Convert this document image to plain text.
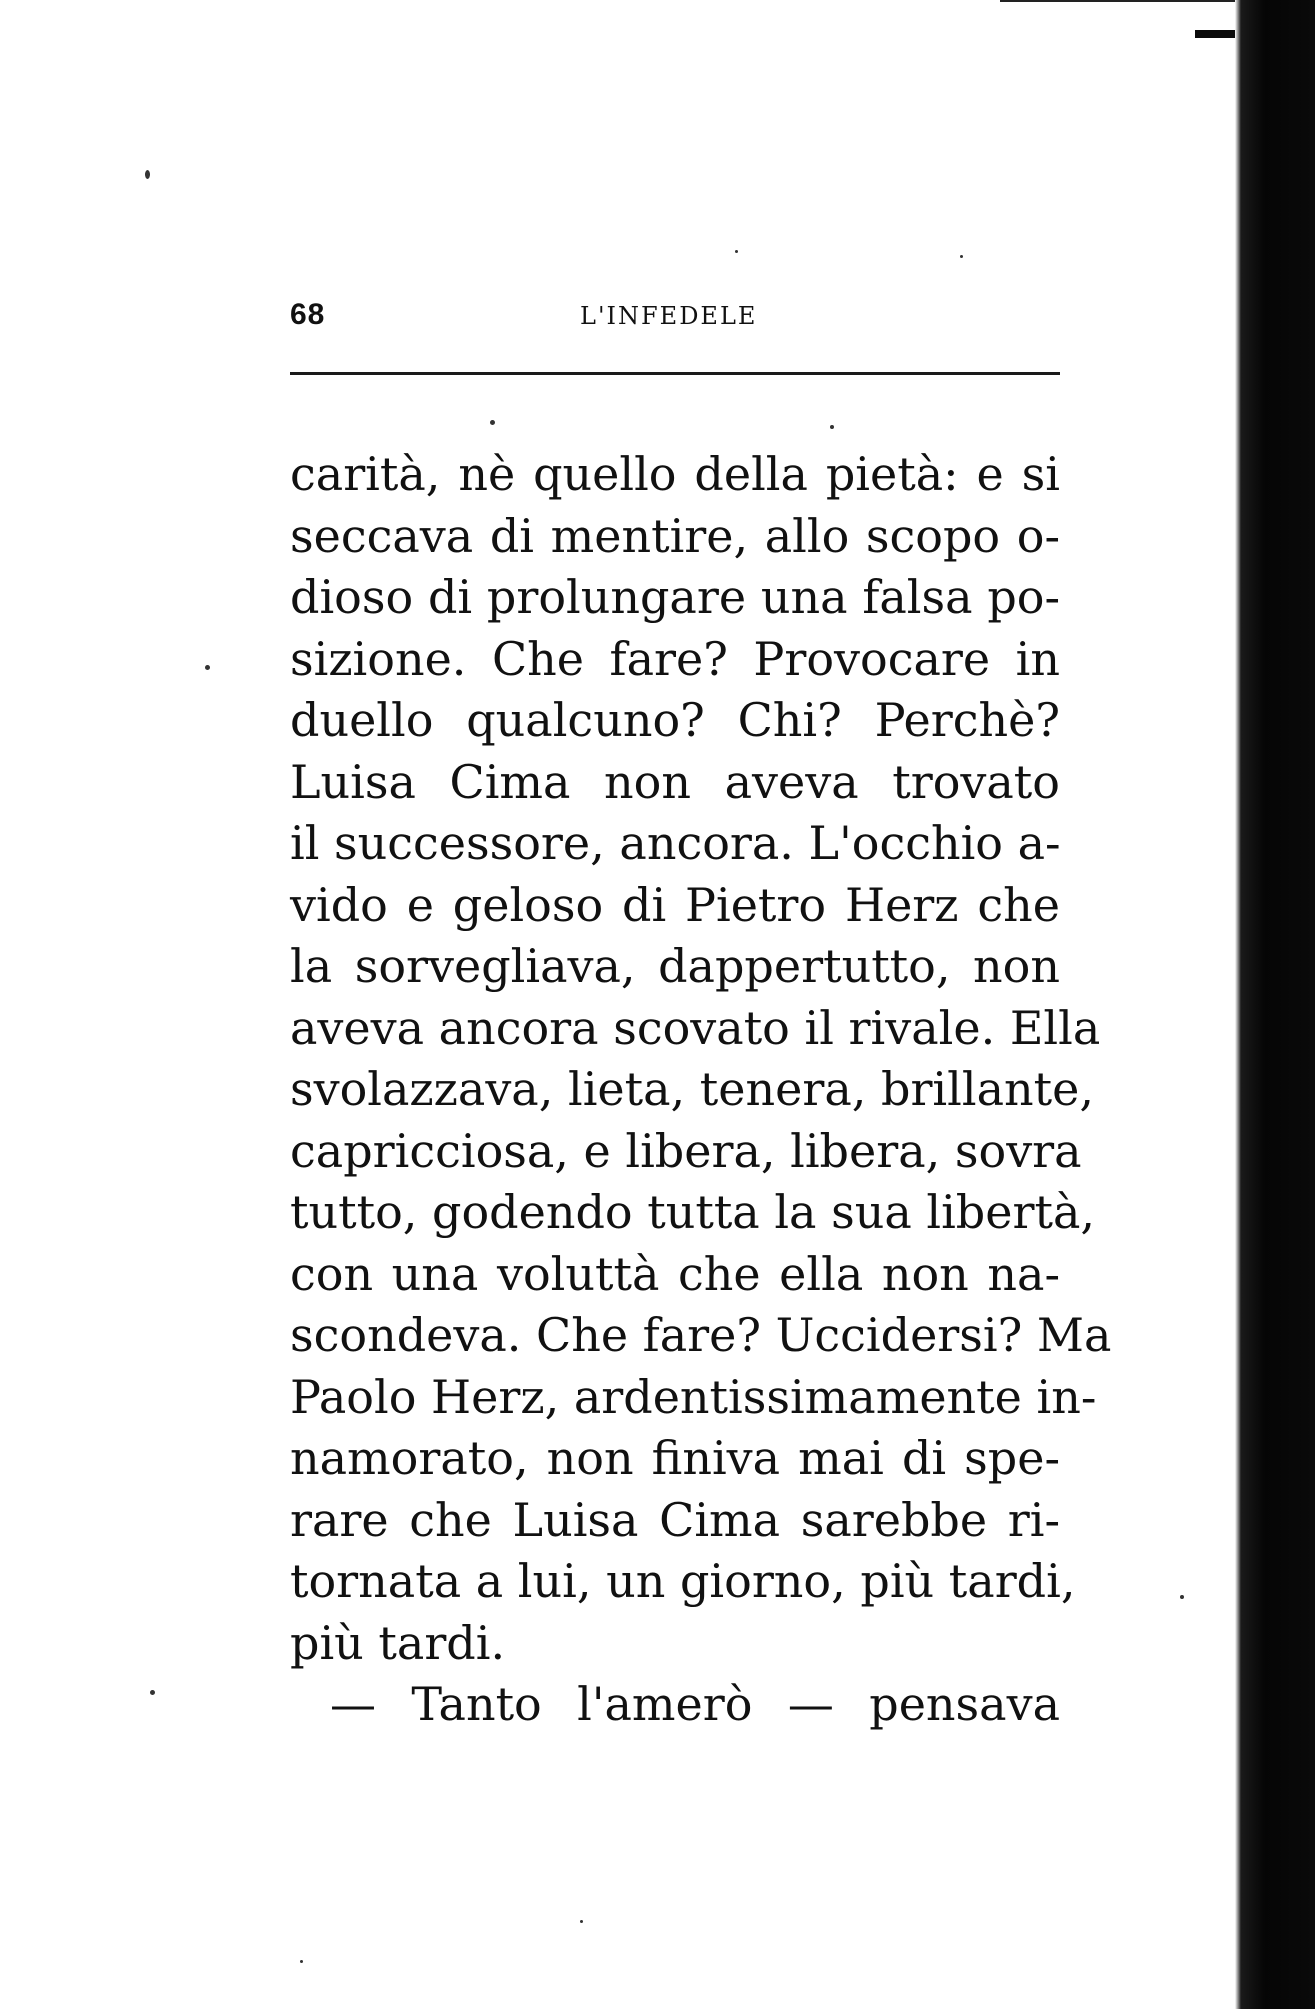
68	L'INFEDELE
carità, nè quello della pietà: e si
seccava di mentire, allo scopo o-
dioso di prolungare una falsa po-
sizione. Che fare? Provocare in
duello qualcuno? Chi? Perchè?
Luisa Cima non aveva trovato
il successore, ancora. L'occhio a-
vido e geloso di Pietro Herz che
la sorvegliava, dappertutto, non
aveva ancora scovato il rivale. Ella
svolazzava, lieta, tenera, brillante,
capricciosa, e libera, libera, sovra
tutto, godendo tutta la sua libertà,
con una voluttà che ella non na-
scondeva. Che fare? Uccidersi? Ma
Paolo Herz, ardentissimamente in-
namorato, non finiva mai di spe-
rare che Luisa Cima sarebbe ri-
tornata a lui, un giorno, più tardi,
più tardi.
— Tanto l'amerò — pensava
